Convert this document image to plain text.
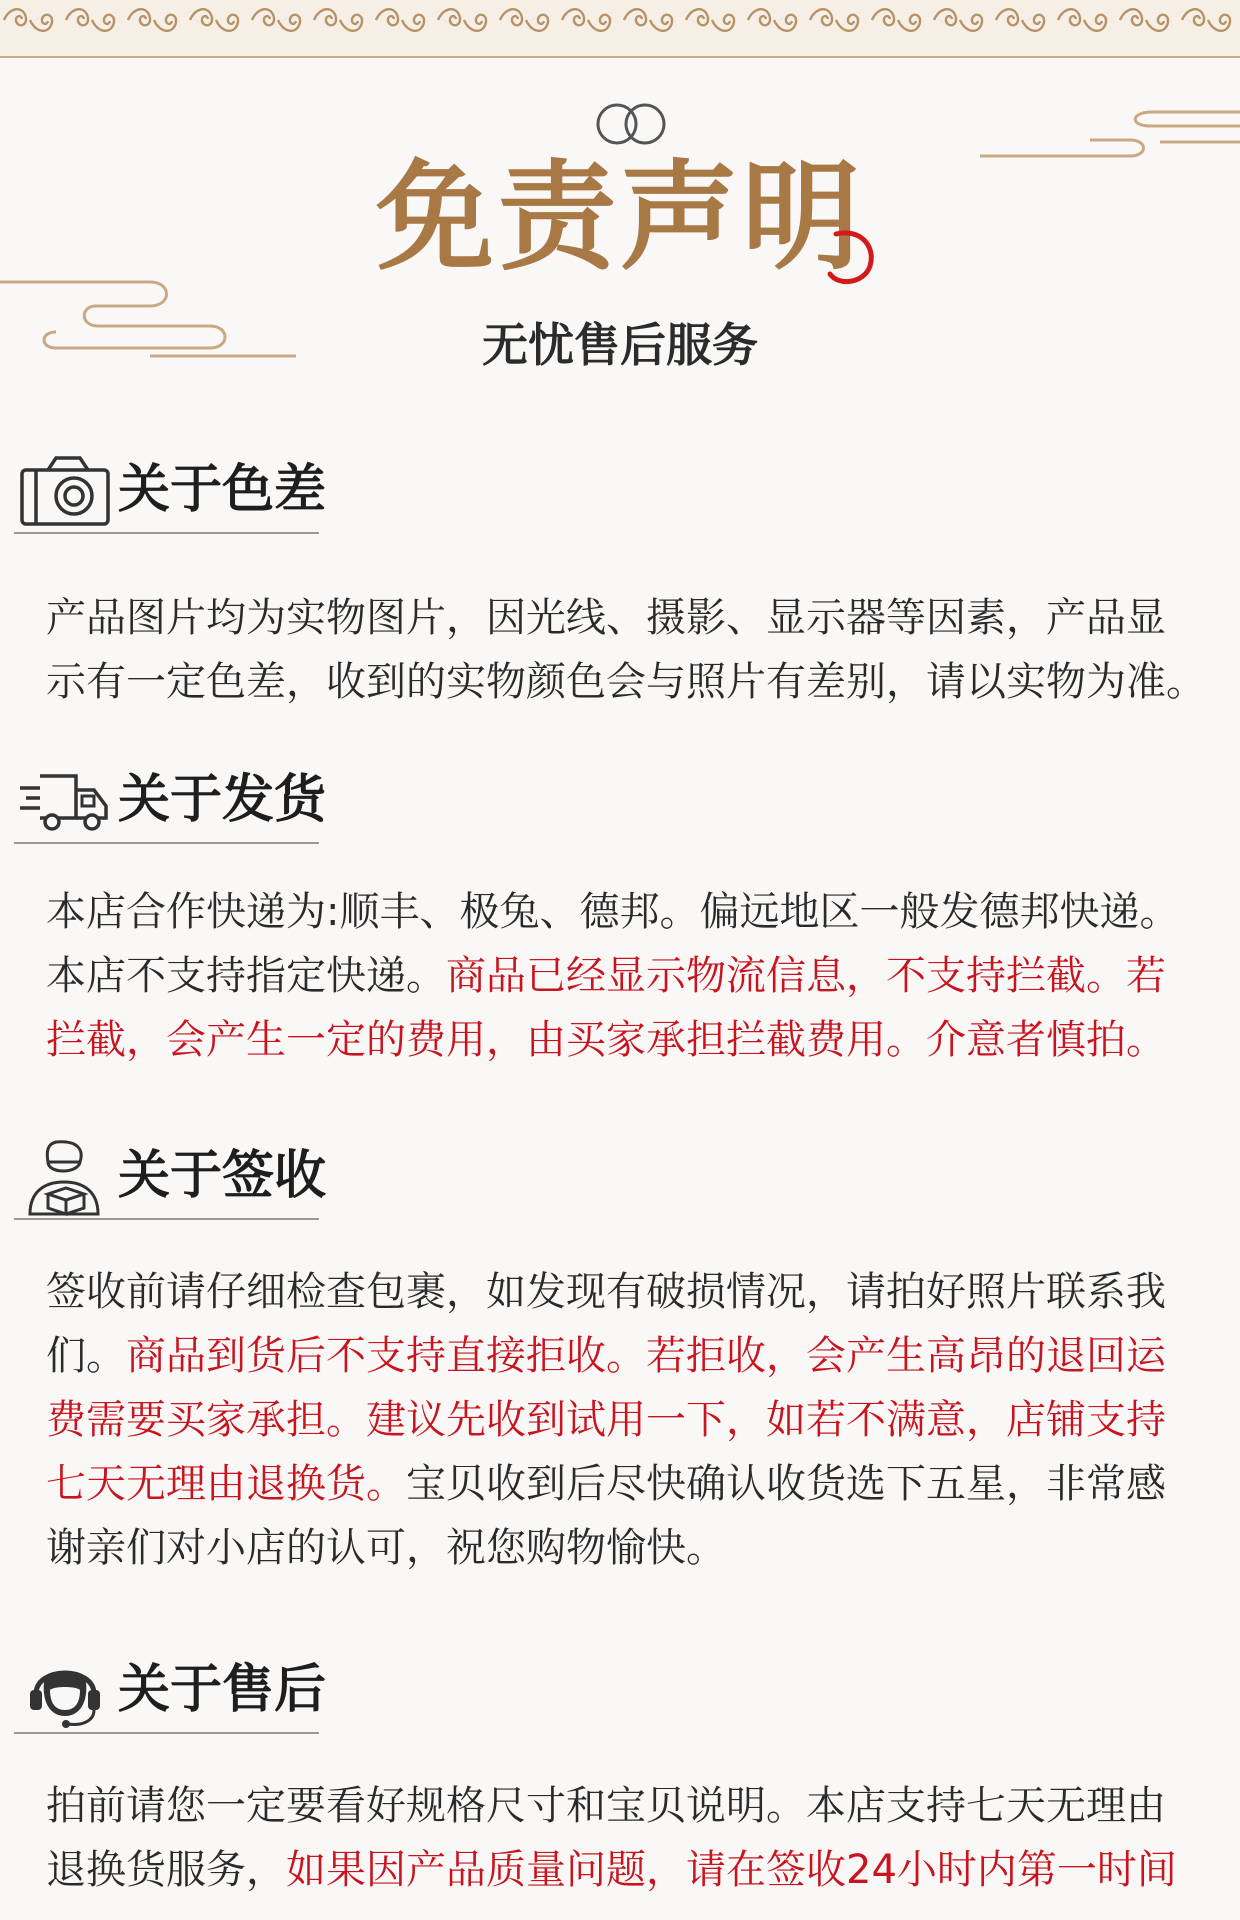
免责声明
无忧售后服务
关于色差
产品图片均为实物图片，因光线、摄影、显示器等因素，产品显
示有一定色差，收到的实物颜色会与照片有差别，请以实物为准。
关于发货
本店合作快递为:顺丰、极兔、德邦。偏远地区一般发德邦快递。
本店不支持指定快递。商品已经显示物流信息，不支持拦截。若
拦截，会产生一定的费用，由买家承担拦截费用。介意者慎拍。
关于签收
签收前请仔细检查包裹，如发现有破损情况，请拍好照片联系我
们。商品到货后不支持直接拒收。若拒收，会产生高昂的退回运
费需要买家承担。建议先收到试用一下，如若不满意，店铺支持
七天无理由退换货。宝贝收到后尽快确认收货选下五星，非常感
谢亲们对小店的认可，祝您购物愉快。
关于售后
拍前请您一定要看好规格尺寸和宝贝说明。本店支持七天无理由
退换货服务，如果因产品质量问题，请在签收24小时内第一时间
